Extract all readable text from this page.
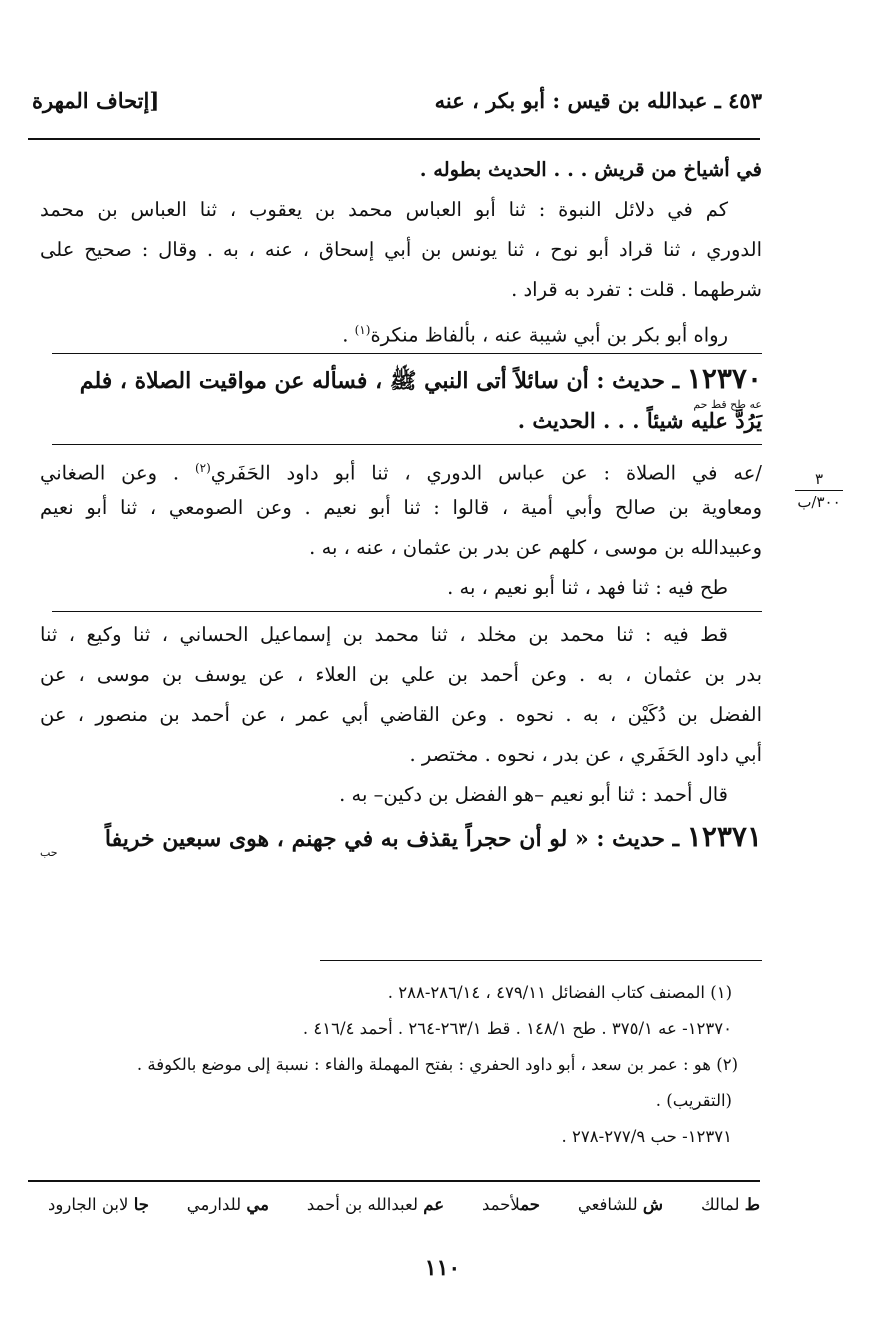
٤٥٣ ـ عبدالله بن قيس : أبو بكر ، عنه
[إتحاف المهرة
في أشياخ من قريش . . . الحديث بطوله .
كم في دلائل النبوة : ثنا أبو العباس محمد بن يعقوب ، ثنا العباس بن محمد
الدوري ، ثنا قراد أبو نوح ، ثنا يونس بن أبي إسحاق ، عنه ، به . وقال : صحيح على
شرطهما . قلت : تفرد به قراد .
رواه أبو بكر بن أبي شيبة عنه ، بألفاظ منكرة$^{(١)}$ .
١٢٣٧٠ ـ حديث : أن سائلاً أتى النبي ﷺ ، فسأله عن مواقيت الصلاة ، فلم
عه طح قط حم
يَرُدَّ عليه شيئاً . . . الحديث .
/عه في الصلاة : عن عباس الدوري ، ثنا أبو داود الحَفَري$^{(٢)}$ . وعن الصغاني
ومعاوية بن صالح وأبي أمية ، قالوا : ثنا أبو نعيم . وعن الصومعي ، ثنا أبو نعيم
وعبيدالله بن موسى ، كلهم عن بدر بن عثمان ، عنه ، به .
طح فيه : ثنا فهد ، ثنا أبو نعيم ، به .
قط فيه : ثنا محمد بن مخلد ، ثنا محمد بن إسماعيل الحساني ، ثنا وكيع ، ثنا
بدر بن عثمان ، به . وعن أحمد بن علي بن العلاء ، عن يوسف بن موسى ، عن
الفضل بن دُكَيْن ، به . نحوه . وعن القاضي أبي عمر ، عن أحمد بن منصور ، عن
أبي داود الحَفَري ، عن بدر ، نحوه . مختصر .
قال أحمد : ثنا أبو نعيم –هو الفضل بن دكين– به .
١٢٣٧١ ـ حديث : « لو أن حجراً يقذف به في جهنم ، هوى سبعين خريفاً
حب
٣
٣٠٠/ب
(١) المصنف كتاب الفضائل ٤٧٩/١١ ، ٢٨٦/١٤-٢٨٨ .
١٢٣٧٠- عه ٣٧٥/١ . طح ١٤٨/١ . قط ٢٦٣/١-٢٦٤ . أحمد ٤١٦/٤ .
(٢) هو : عمر بن سعد ، أبو داود الحفري : بفتح المهملة والفاء : نسبة إلى موضع بالكوفة .
(التقريب) .
١٢٣٧١- حب ٢٧٧/٩-٢٧٨ .
ط لمالك
ش للشافعي
حملأحمد
عم لعبدالله بن أحمد
مي للدارمي
جا لابن الجارود
١١٠
